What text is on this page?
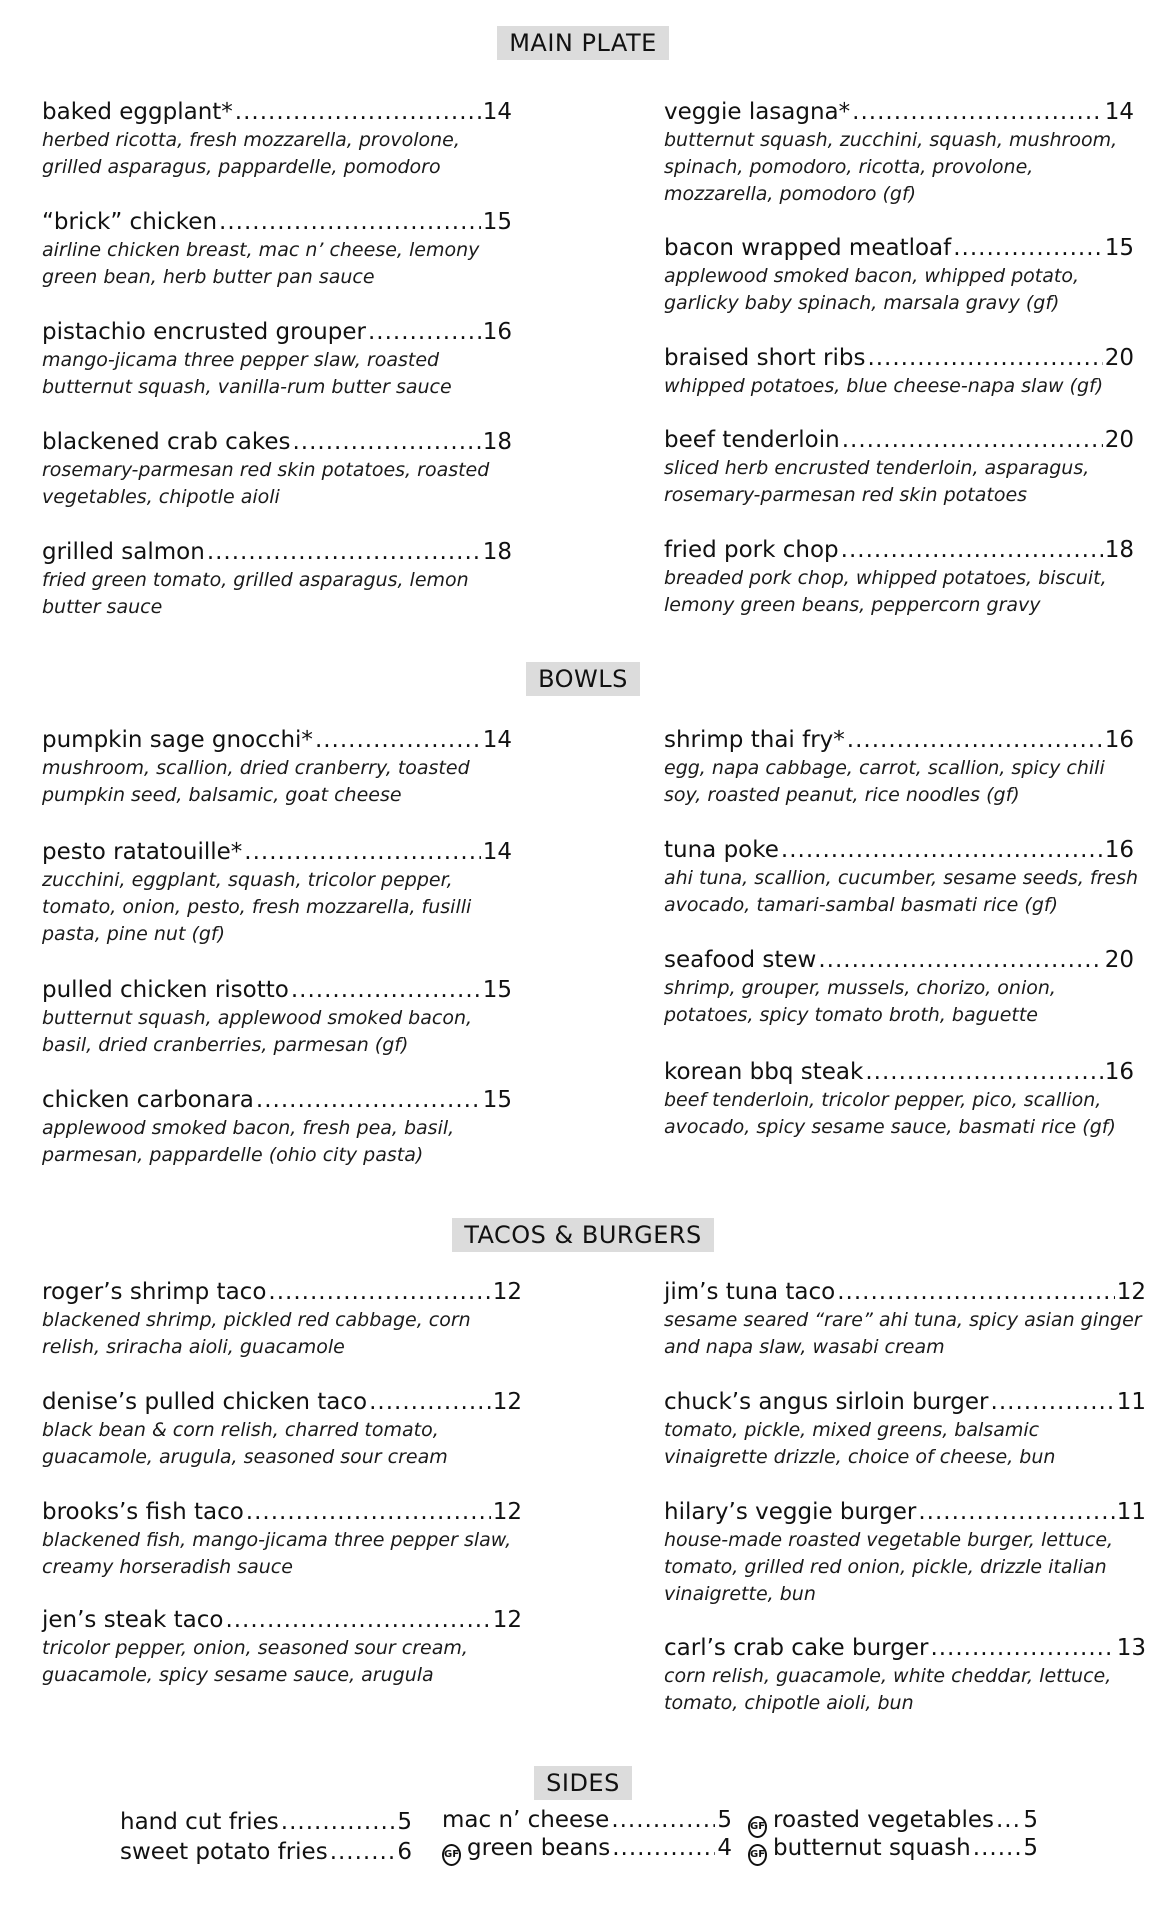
MAIN PLATE
baked eggplant* .....	14
herbed ricotta, fresh mozzarella, provolone,
grilled asparagus, pappardelle, pomodoro
“brick” chicken .....	15
airline chicken breast, mac n’ cheese, lemony
green bean, herb butter pan sauce
pistachio encrusted grouper .....	16
mango-jicama three pepper slaw, roasted
butternut squash, vanilla-rum butter sauce
blackened crab cakes .....	18
rosemary-parmesan red skin potatoes, roasted
vegetables, chipotle aioli
grilled salmon .....	18
fried green tomato, grilled asparagus, lemon
butter sauce
veggie lasagna* .....	14
butternut squash, zucchini, squash, mushroom,
spinach, pomodoro, ricotta, provolone,
mozzarella, pomodoro (gf)
bacon wrapped meatloaf .....	15
applewood smoked bacon, whipped potato,
garlicky baby spinach, marsala gravy (gf)
braised short ribs .....	20
whipped potatoes, blue cheese-napa slaw (gf)
beef tenderloin .....	20
sliced herb encrusted tenderloin, asparagus,
rosemary-parmesan red skin potatoes
fried pork chop .....	18
breaded pork chop, whipped potatoes, biscuit,
lemony green beans, peppercorn gravy
BOWLS
pumpkin sage gnocchi* .....	14
mushroom, scallion, dried cranberry, toasted
pumpkin seed, balsamic, goat cheese
pesto ratatouille* .....	14
zucchini, eggplant, squash, tricolor pepper,
tomato, onion, pesto, fresh mozzarella, fusilli
pasta, pine nut (gf)
pulled chicken risotto .....	15
butternut squash, applewood smoked bacon,
basil, dried cranberries, parmesan (gf)
chicken carbonara .....	15
applewood smoked bacon, fresh pea, basil,
parmesan, pappardelle (ohio city pasta)
shrimp thai fry* .....	16
egg, napa cabbage, carrot, scallion, spicy chili
soy, roasted peanut, rice noodles (gf)
tuna poke .....	16
ahi tuna, scallion, cucumber, sesame seeds, fresh
avocado, tamari-sambal basmati rice (gf)
seafood stew .....	20
shrimp, grouper, mussels, chorizo, onion,
potatoes, spicy tomato broth, baguette
korean bbq steak .....	16
beef tenderloin, tricolor pepper, pico, scallion,
avocado, spicy sesame sauce, basmati rice (gf)
TACOS & BURGERS
roger’s shrimp taco .....	12
blackened shrimp, pickled red cabbage, corn
relish, sriracha aioli, guacamole
denise’s pulled chicken taco .....	12
black bean & corn relish, charred tomato,
guacamole, arugula, seasoned sour cream
brooks’s fish taco .....	12
blackened fish, mango-jicama three pepper slaw,
creamy horseradish sauce
jen’s steak taco .....	12
tricolor pepper, onion, seasoned sour cream,
guacamole, spicy sesame sauce, arugula
jim’s tuna taco .....	12
sesame seared “rare” ahi tuna, spicy asian ginger
and napa slaw, wasabi cream
chuck’s angus sirloin burger .....	11
tomato, pickle, mixed greens, balsamic
vinaigrette drizzle, choice of cheese, bun
hilary’s veggie burger .....	11
house-made roasted vegetable burger, lettuce,
tomato, grilled red onion, pickle, drizzle italian
vinaigrette, bun
carl’s crab cake burger .....	13
corn relish, guacamole, white cheddar, lettuce,
tomato, chipotle aioli, bun
SIDES
hand cut fries .....	5
sweet potato fries .....	6
mac n’ cheese .....	5
GF green beans .....	4
GF roasted vegetables ..... 5
GF butternut squash ..... 5
